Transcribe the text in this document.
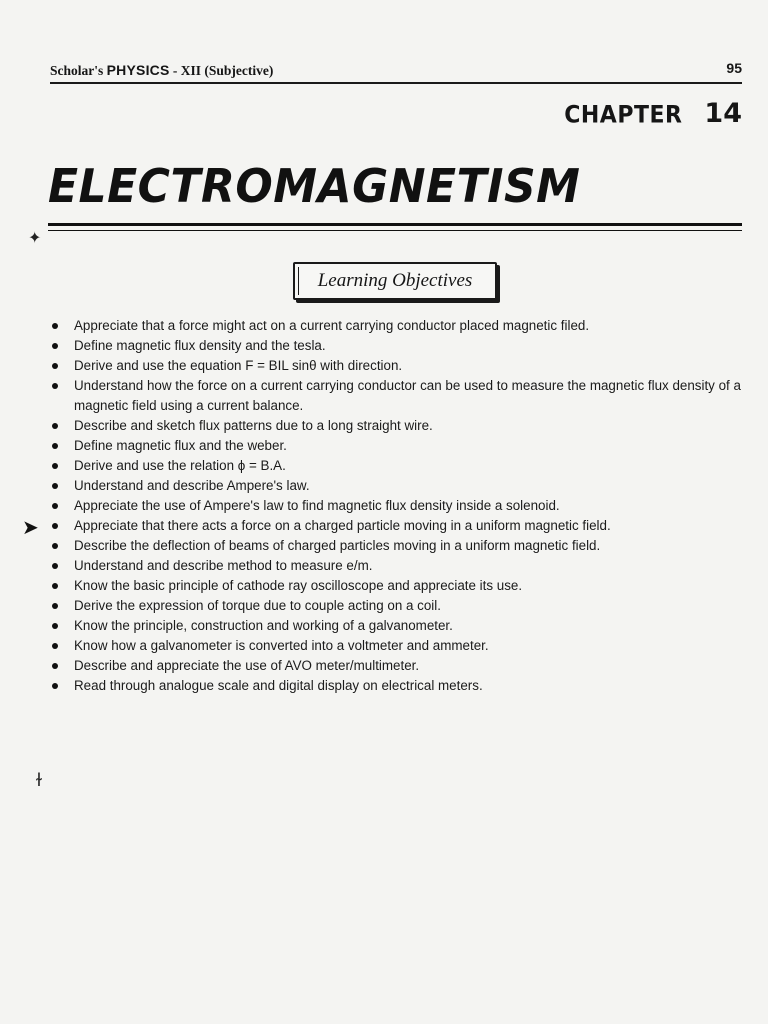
Scholar's PHYSICS - XII (Subjective)	95
CHAPTER 14
ELECTROMAGNETISM
✦
Learning Objectives
Appreciate that a force might act on a current carrying conductor placed magnetic filed.
Define magnetic flux density and the tesla.
Derive and use the equation F = BIL sinθ with direction.
Understand how the force on a current carrying conductor can be used to measure the magnetic flux density of a magnetic field using a current balance.
Describe and sketch flux patterns due to a long straight wire.
Define magnetic flux and the weber.
Derive and use the relation ϕ = B.A.
Understand and describe Ampere's law.
Appreciate the use of Ampere's law to find magnetic flux density inside a solenoid.
Appreciate that there acts a force on a charged particle moving in a uniform magnetic field.
Describe the deflection of beams of charged particles moving in a uniform magnetic field.
Understand and describe method to measure e/m.
Know the basic principle of cathode ray oscilloscope and appreciate its use.
Derive the expression of torque due to couple acting on a coil.
Know the principle, construction and working of a galvanometer.
Know how a galvanometer is converted into a voltmeter and ammeter.
Describe and appreciate the use of AVO meter/multimeter.
Read through analogue scale and digital display on electrical meters.
➤
ɫ
